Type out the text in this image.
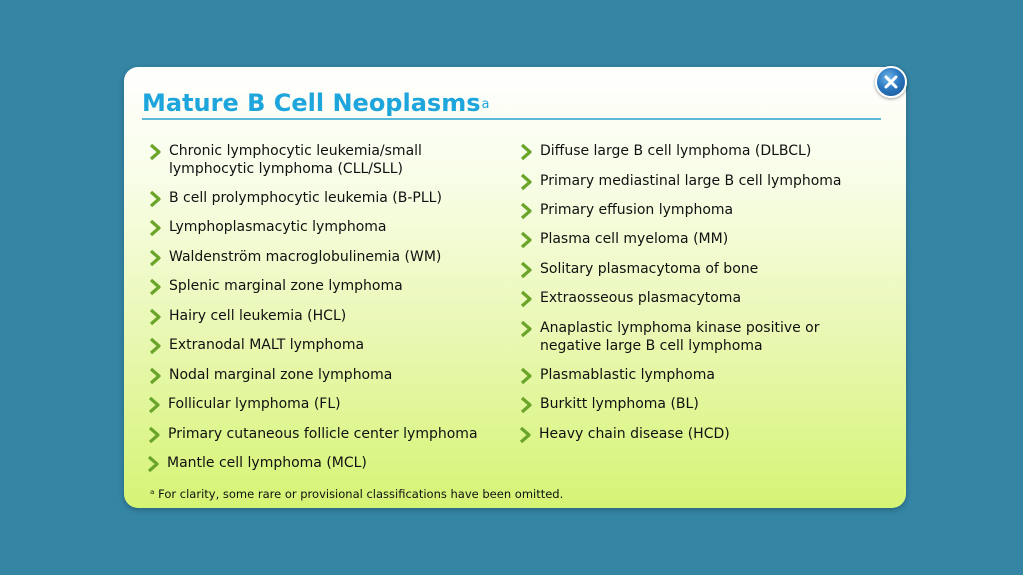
Mature B Cell Neoplasms$^a$
Chronic lymphocytic leukemia/small
lymphocytic lymphoma (CLL/SLL)
B cell prolymphocytic leukemia (B-PLL)
Lymphoplasmacytic lymphoma
Waldenström macroglobulinemia (WM)
Splenic marginal zone lymphoma
Hairy cell leukemia (HCL)
Extranodal MALT lymphoma
Nodal marginal zone lymphoma
Follicular lymphoma (FL)
Primary cutaneous follicle center lymphoma
Mantle cell lymphoma (MCL)
Diffuse large B cell lymphoma (DLBCL)
Primary mediastinal large B cell lymphoma
Primary effusion lymphoma
Plasma cell myeloma (MM)
Solitary plasmacytoma of bone
Extraosseous plasmacytoma
Anaplastic lymphoma kinase positive or
negative large B cell lymphoma
Plasmablastic lymphoma
Burkitt lymphoma (BL)
Heavy chain disease (HCD)
ᵃ For clarity, some rare or provisional classifications have been omitted.
